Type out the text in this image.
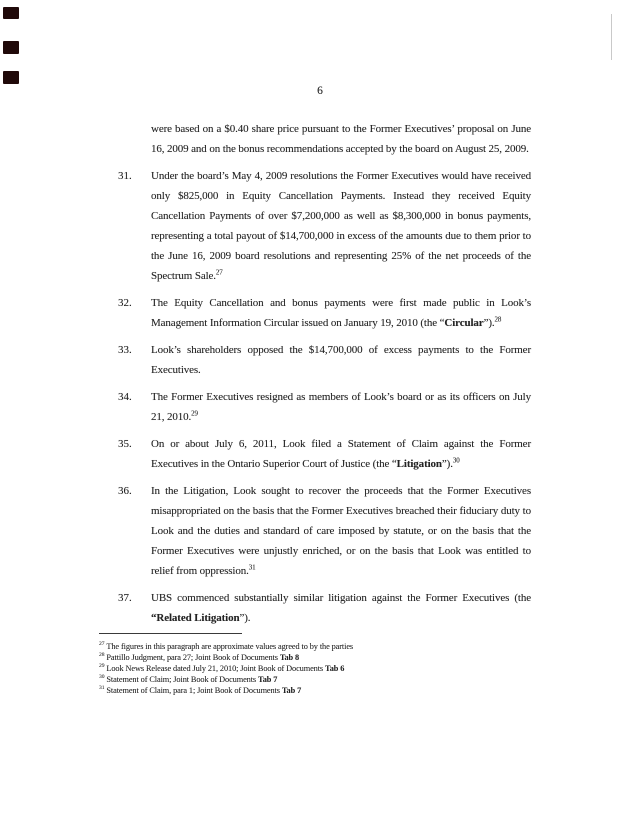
6
were based on a $0.40 share price pursuant to the Former Executives’ proposal on June 16, 2009 and on the bonus recommendations accepted by the board on August 25, 2009.
31.	Under the board’s May 4, 2009 resolutions the Former Executives would have received only $825,000 in Equity Cancellation Payments. Instead they received Equity Cancellation Payments of over $7,200,000 as well as $8,300,000 in bonus payments, representing a total payout of $14,700,000 in excess of the amounts due to them prior to the June 16, 2009 board resolutions and representing 25% of the net proceeds of the Spectrum Sale.$^{27}$
32.	The Equity Cancellation and bonus payments were first made public in Look’s Management Information Circular issued on January 19, 2010 (the “Circular”).$^{28}$
33.	Look’s shareholders opposed the $14,700,000 of excess payments to the Former Executives.
34.	The Former Executives resigned as members of Look’s board or as its officers on July 21, 2010.29
35.	On or about July 6, 2011, Look filed a Statement of Claim against the Former Executives in the Ontario Superior Court of Justice (the “Litigation”).$^{30}$
36.	In the Litigation, Look sought to recover the proceeds that the Former Executives misappropriated on the basis that the Former Executives breached their fiduciary duty to Look and the duties and standard of care imposed by statute, or on the basis that the Former Executives were unjustly enriched, or on the basis that Look was entitled to relief from oppression.$^{31}$
37.	UBS commenced substantially similar litigation against the Former Executives (the “Related Litigation”).
$^{27}$ The figures in this paragraph are approximate values agreed to by the parties
$^{28}$ Pattillo Judgment, para 27; Joint Book of Documents Tab 8
$^{29}$ Look News Release dated July 21, 2010; Joint Book of Documents Tab 6
$^{30}$ Statement of Claim; Joint Book of Documents Tab 7
$^{31}$ Statement of Claim, para 1; Joint Book of Documents Tab 7
